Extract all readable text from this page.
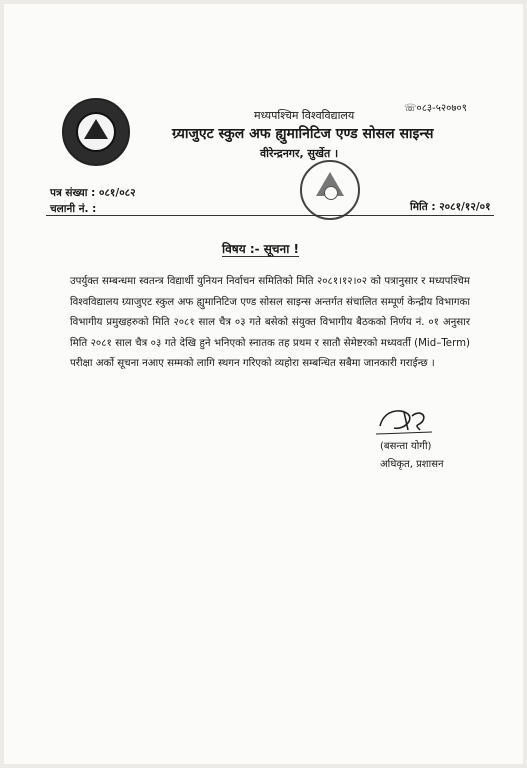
मध्यपश्चिम विश्वविद्यालय
ग्र्याजुएट स्कुल अफ ह्युमानिटिज एण्ड सोसल साइन्स
वीरेन्द्रनगर, सुर्खेत ।
☏०८३-५२०७०९
पत्र संख्या : ०८१/०८२
चलानी नं. :	मिति : २०८१/१२/०१
विषय :- सूचना !
उपर्युक्त सम्बन्धमा स्वतन्त्र विद्यार्थी युनियन निर्वाचन समितिको मिति २०८१।१२।०२ को पत्रानुसार र मध्यपश्चिम विश्वविद्यालय ग्र्याजुएट स्कुल अफ ह्युमानिटिज एण्ड सोसल साइन्स अन्तर्गत संचालित सम्पूर्ण केन्द्रीय विभागका विभागीय प्रमुखहरुको मिति २०८१ साल चैत्र ०३ गते बसेको संयुक्त विभागीय बैठकको निर्णय नं. ०१ अनुसार मिति २०८१ साल चैत्र ०३ गते देखि हुने भनिएको स्नातक तह प्रथम र सातौ सेमेष्टरको मध्यवर्ती (Mid–Term) परीक्षा अर्को सूचना नआए सम्मको लागि स्थगन गरिएको व्यहोरा सम्बन्धित सबैमा जानकारी गराईन्छ ।
(बसन्ता योगी)
अधिकृत, प्रशासन
